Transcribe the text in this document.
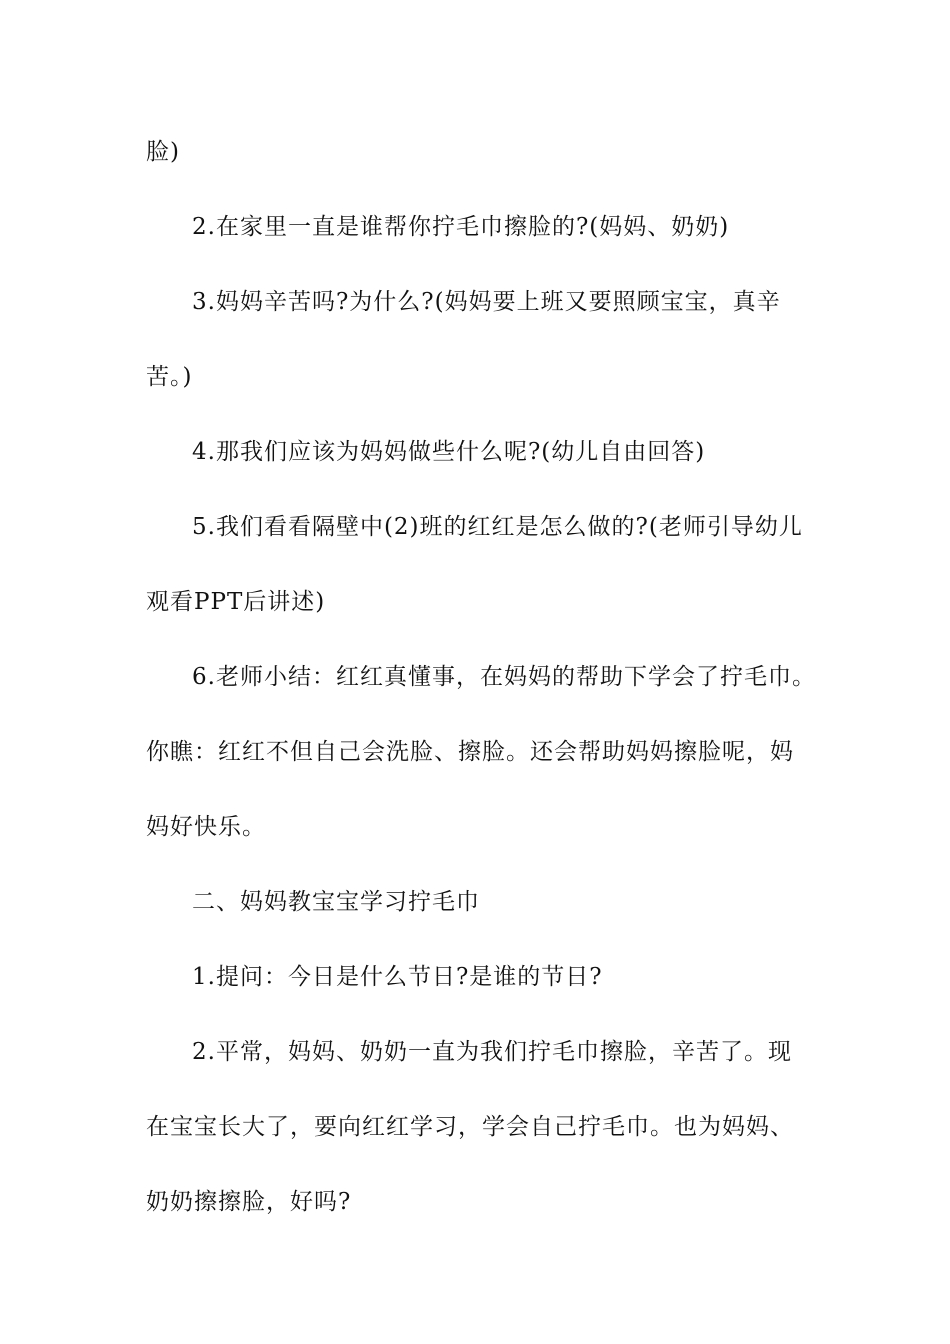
脸)
2.在家里一直是谁帮你拧毛巾擦脸的?(妈妈、奶奶)
3.妈妈辛苦吗?为什么?(妈妈要上班又要照顾宝宝，真辛
苦。)
4.那我们应该为妈妈做些什么呢?(幼儿自由回答)
5.我们看看隔壁中(2)班的红红是怎么做的?(老师引导幼儿
观看PPT后讲述)
6.老师小结：红红真懂事，在妈妈的帮助下学会了拧毛巾。
你瞧：红红不但自己会洗脸、擦脸。还会帮助妈妈擦脸呢，妈
妈好快乐。
二、妈妈教宝宝学习拧毛巾
1.提问：今日是什么节日?是谁的节日?
2.平常，妈妈、奶奶一直为我们拧毛巾擦脸，辛苦了。现
在宝宝长大了，要向红红学习，学会自己拧毛巾。也为妈妈、
奶奶擦擦脸，好吗?
